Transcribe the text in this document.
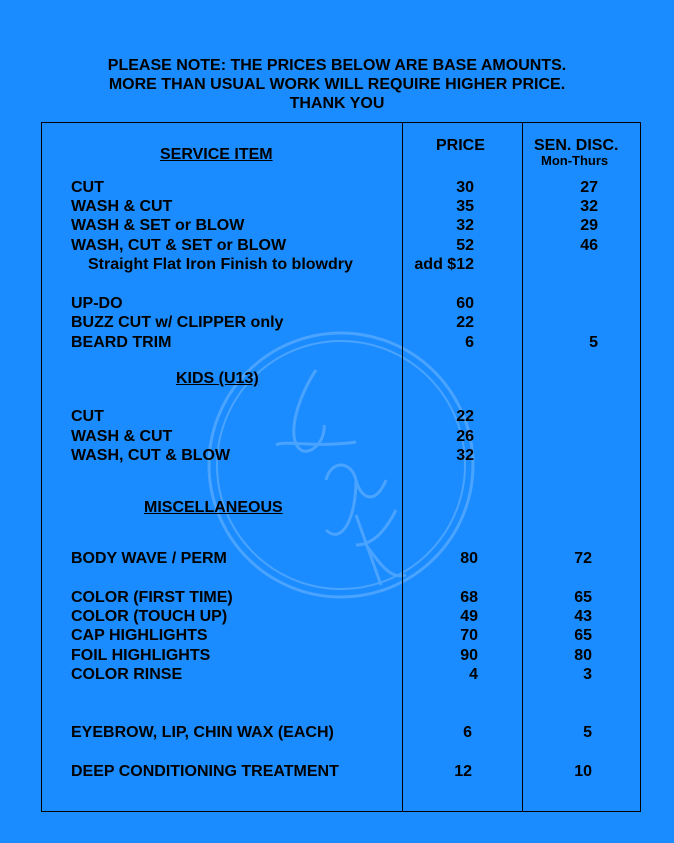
PLEASE NOTE: THE PRICES BELOW ARE BASE AMOUNTS.
MORE THAN USUAL WORK WILL REQUIRE HIGHER PRICE.
THANK YOU
SERVICE ITEM
PRICE	SEN. DISC.
Mon-Thurs
KIDS (U13)
MISCELLANEOUS
CUT	30	27
WASH & CUT	35	32
WASH & SET or BLOW	32	29
WASH, CUT & SET or BLOW	52	46
Straight Flat Iron Finish to blowdry	add $12
UP-DO	60
BUZZ CUT w/ CLIPPER only	22
BEARD TRIM	6	5
CUT	22
WASH & CUT	26
WASH, CUT & BLOW	32
BODY WAVE / PERM	80	72
COLOR (FIRST TIME)	68	65
COLOR (TOUCH UP)	49	43
CAP HIGHLIGHTS	70	65
FOIL HIGHLIGHTS	90	80
COLOR RINSE	4	3
EYEBROW, LIP, CHIN WAX (EACH)	6	5
DEEP CONDITIONING TREATMENT	12	10
